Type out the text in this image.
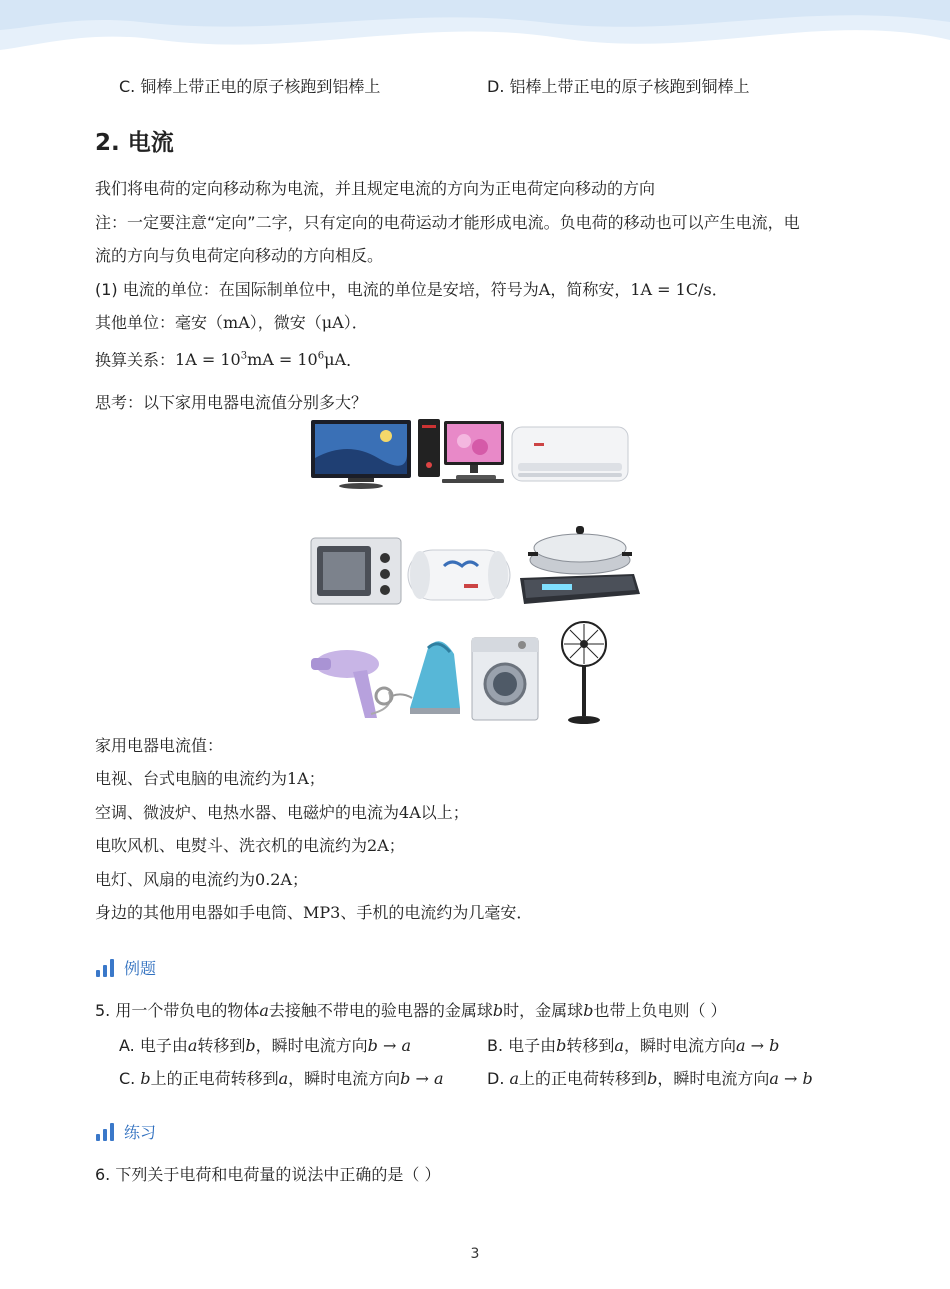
C. 铜棒上带正电的原子核跑到铝棒上	D. 铝棒上带正电的原子核跑到铜棒上
2. 电流
我们将电荷的定向移动称为电流，并且规定电流的方向为正电荷定向移动的方向
注：一定要注意“定向”二字，只有定向的电荷运动才能形成电流。负电荷的移动也可以产生电流，电
流的方向与负电荷定向移动的方向相反。
(1) 电流的单位：在国际制单位中，电流的单位是安培，符号为A，简称安，1A = 1C/s．
其他单位：毫安（mA），微安（μA）．
换算关系：$1A = 10^3mA = 10^6\mu A$．
思考：以下家用电器电流值分别多大？
家用电器电流值：
电视、台式电脑的电流约为1A；
空调、微波炉、电热水器、电磁炉的电流为4A以上；
电吹风机、电熨斗、洗衣机的电流约为2A；
电灯、风扇的电流约为0.2A；
身边的其他用电器如手电筒、MP3、手机的电流约为几毫安．
例题
5. 用一个带负电的物体a去接触不带电的验电器的金属球b时，金属球b也带上负电则（ ）
A. 电子由a转移到b，瞬时电流方向b → a	B. 电子由b转移到a，瞬时电流方向a → b
C. b上的正电荷转移到a，瞬时电流方向b → a	D. a上的正电荷转移到b，瞬时电流方向a → b
练习
6. 下列关于电荷和电荷量的说法中正确的是（ ）
3
